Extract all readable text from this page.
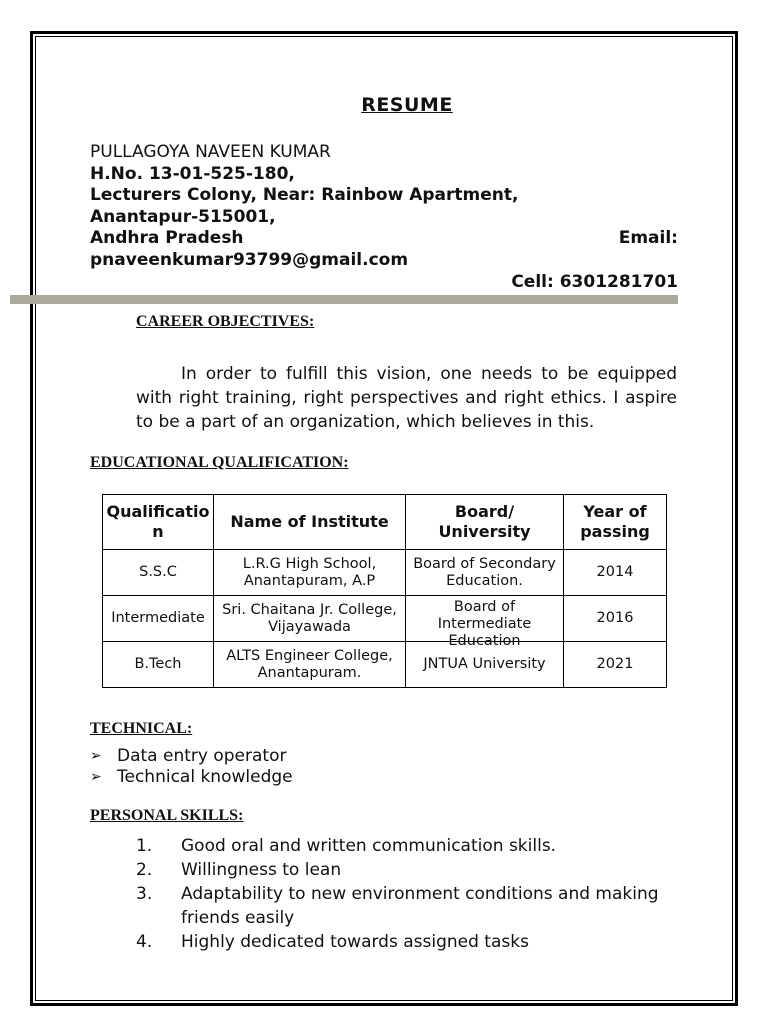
RESUME
PULLAGOYA NAVEEN KUMAR
H.No. 13-01-525-180,
Lecturers Colony, Near: Rainbow Apartment,
Anantapur-515001,
Andhra Pradesh	Email:
pnaveenkumar93799@gmail.com
Cell: 6301281701
CAREER OBJECTIVES:
In order to fulfill this vision, one needs to be equipped with right training, right perspectives and right ethics. I aspire to be a part of an organization, which believes in this.
EDUCATIONAL QUALIFICATION:
Qualification	Name of Institute	Board/ University	Year of passing
S.S.C	L.R.G High School, Anantapuram, A.P	Board of Secondary Education.	2014
Intermediate	Sri. Chaitana Jr. College, Vijayawada	Board of Intermediate Education	2016
B.Tech	ALTS Engineer College, Anantapuram.	JNTUA University	2021
TECHNICAL:
➢ Data entry operator
➢ Technical knowledge
PERSONAL SKILLS:
1.	Good oral and written communication skills.
2.	Willingness to lean
3.	Adaptability to new environment conditions and making friends easily
4.	Highly dedicated towards assigned tasks
